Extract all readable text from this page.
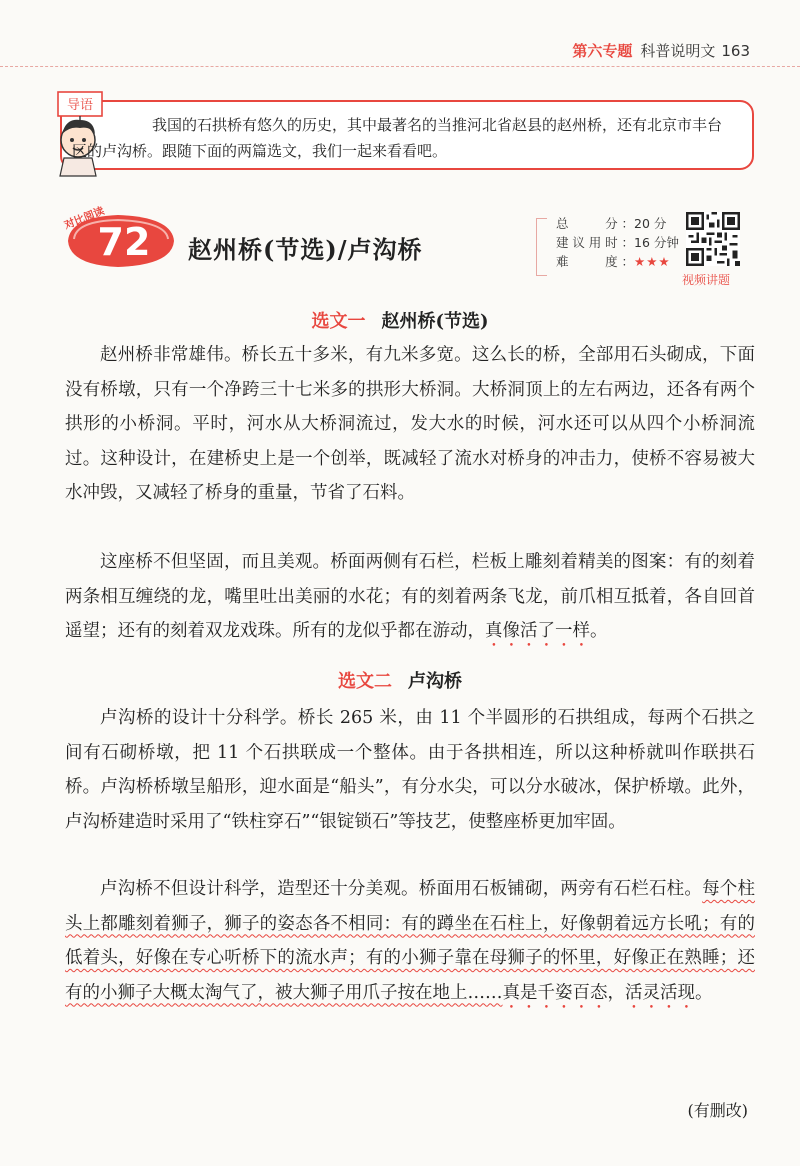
第六专题 科普说明文 163
导语
我国的石拱桥有悠久的历史，其中最著名的当推河北省赵县的赵州桥，还有北京市丰台
区的卢沟桥。跟随下面的两篇选文，我们一起来看看吧。
72
对比阅读
赵州桥(节选)/卢沟桥
总　　分：20 分
建议用时：16 分钟
难　　度：★★★
视频讲题
选文一 赵州桥(节选)
赵州桥非常雄伟。桥长五十多米，有九米多宽。这么长的桥，全部用石头砌成，下面没有桥墩，只有一个净跨三十七米多的拱形大桥洞。大桥洞顶上的左右两边，还各有两个拱形的小桥洞。平时，河水从大桥洞流过，发大水的时候，河水还可以从四个小桥洞流过。这种设计，在建桥史上是一个创举，既减轻了流水对桥身的冲击力，使桥不容易被大水冲毁，又减轻了桥身的重量，节省了石料。
这座桥不但坚固，而且美观。桥面两侧有石栏，栏板上雕刻着精美的图案：有的刻着两条相互缠绕的龙，嘴里吐出美丽的水花；有的刻着两条飞龙，前爪相互抵着，各自回首遥望；还有的刻着双龙戏珠。所有的龙似乎都在游动，真像活了一样。
选文二 卢沟桥
卢沟桥的设计十分科学。桥长 265 米，由 11 个半圆形的石拱组成，每两个石拱之间有石砌桥墩，把 11 个石拱联成一个整体。由于各拱相连，所以这种桥就叫作联拱石桥。卢沟桥桥墩呈船形，迎水面是“船头”，有分水尖，可以分水破冰，保护桥墩。此外，卢沟桥建造时采用了“铁柱穿石”“银锭锁石”等技艺，使整座桥更加牢固。
卢沟桥不但设计科学，造型还十分美观。桥面用石板铺砌，两旁有石栏石柱。每个柱头上都雕刻着狮子，狮子的姿态各不相同：有的蹲坐在石柱上，好像朝着远方长吼；有的低着头，好像在专心听桥下的流水声；有的小狮子靠在母狮子的怀里，好像正在熟睡；还有的小狮子大概太淘气了，被大狮子用爪子按在地上……真是千姿百态，活灵活现。
(有删改)
